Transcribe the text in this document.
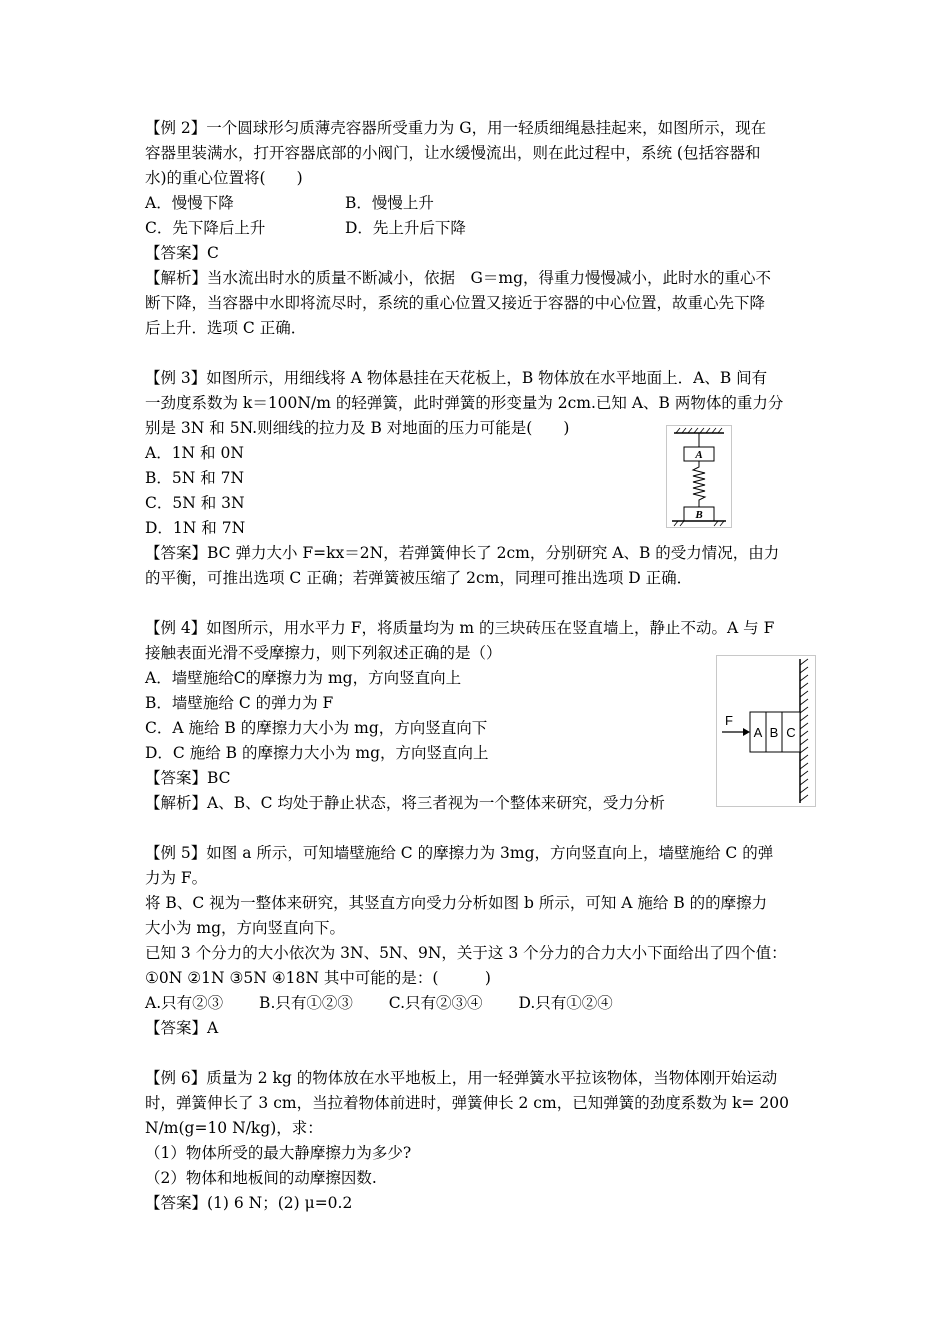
【例 2】一个圆球形匀质薄壳容器所受重力为 G，用一轻质细绳悬挂起来，如图所示，现在
容器里装满水，打开容器底部的小阀门，让水缓慢流出，则在此过程中，系统 (包括容器和
水)的重心位置将(　　)
A．慢慢下降	B．慢慢上升
C．先下降后上升	D．先上升后下降
【答案】C
【解析】当水流出时水的质量不断减小，依据　G＝mg，得重力慢慢减小，此时水的重心不
断下降，当容器中水即将流尽时，系统的重心位置又接近于容器的中心位置，故重心先下降
后上升．选项 C 正确．
【例 3】如图所示，用细线将 A 物体悬挂在天花板上，B 物体放在水平地面上．A、B 间有
一劲度系数为 k＝100N/m 的轻弹簧，此时弹簧的形变量为 2cm.已知 A、B 两物体的重力分
别是 3N 和 5N.则细线的拉力及 B 对地面的压力可能是(　　)
A．1N 和 0N
B．5N 和 7N
C．5N 和 3N
D．1N 和 7N
【答案】BC 弹力大小 F=kx＝2N，若弹簧伸长了 2cm，分别研究 A、B 的受力情况，由力
的平衡，可推出选项 C 正确；若弹簧被压缩了 2cm，同理可推出选项 D 正确．
A
B
【例 4】如图所示，用水平力 F，将质量均为 m 的三块砖压在竖直墙上，静止不动。A 与 F
接触表面光滑不受摩擦力，则下列叙述正确的是（）
A．墙壁施给C的摩擦力为 mg，方向竖直向上
B．墙壁施给 C 的弹力为 F
C．A 施给 B 的摩擦力大小为 mg，方向竖直向下
D．C 施给 B 的摩擦力大小为 mg，方向竖直向上
【答案】BC
【解析】A、B、C 均处于静止状态，将三者视为一个整体来研究，受力分析
A B C
F
【例 5】如图 a 所示，可知墙壁施给 C 的摩擦力为 3mg，方向竖直向上，墙壁施给 C 的弹
力为 F。
将 B、C 视为一整体来研究，其竖直方向受力分析如图 b 所示，可知 A 施给 B 的的摩擦力
大小为 mg，方向竖直向下。
已知 3 个分力的大小依次为 3N、5N、9N，关于这 3 个分力的合力大小下面给出了四个值：
①0N ②1N ③5N ④18N 其中可能的是：(　　　)
A.只有②③　　 B.只有①②③　　 C.只有②③④　　 D.只有①②④
【答案】A
【例 6】质量为 2 kg 的物体放在水平地板上，用一轻弹簧水平拉该物体，当物体刚开始运动
时，弹簧伸长了 3 cm，当拉着物体前进时，弹簧伸长 2 cm，已知弹簧的劲度系数为 k= 200
N/m(g=10 N/kg)，求：
（1）物体所受的最大静摩擦力为多少?
（2）物体和地板间的动摩擦因数.
【答案】(1) 6 N；(2) μ=0.2
